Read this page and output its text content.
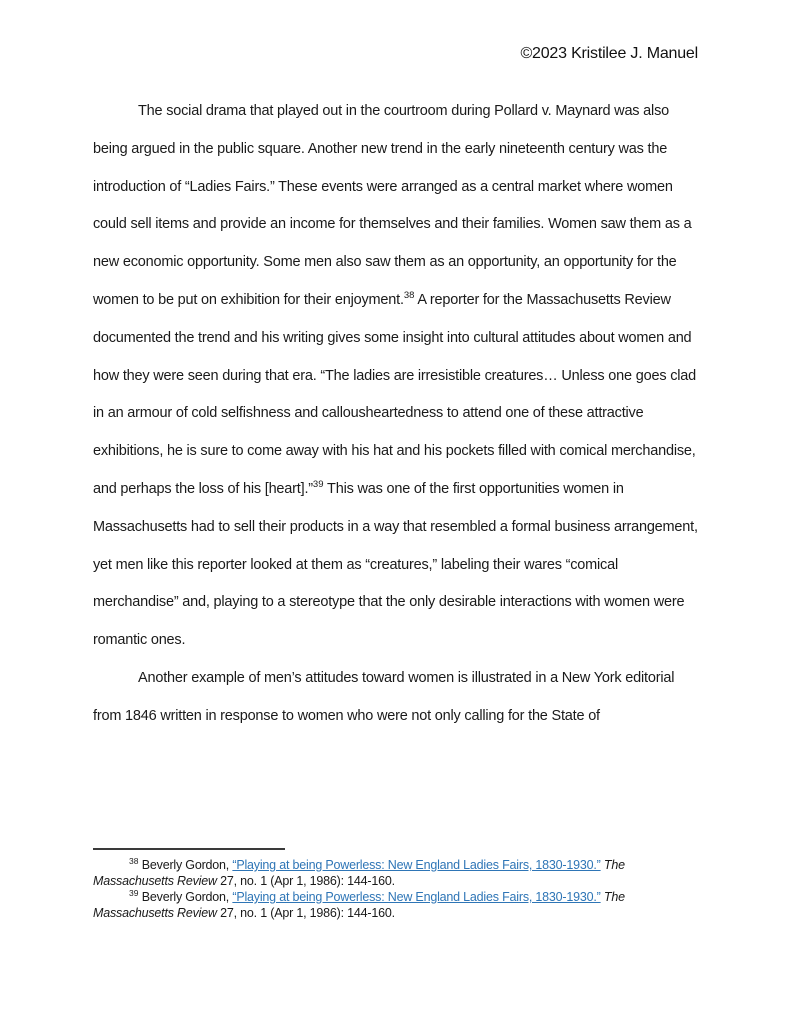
©2023 Kristilee J. Manuel

The social drama that played out in the courtroom during Pollard v. Maynard was also being argued in the public square. Another new trend in the early nineteenth century was the introduction of “Ladies Fairs.” These events were arranged as a central market where women could sell items and provide an income for themselves and their families. Women saw them as a new economic opportunity. Some men also saw them as an opportunity, an opportunity for the women to be put on exhibition for their enjoyment.$^{38}$ A reporter for the Massachusetts Review documented the trend and his writing gives some insight into cultural attitudes about women and how they were seen during that era. “The ladies are irresistible creatures… Unless one goes clad in an armour of cold selfishness and callousheartedness to attend one of these attractive exhibitions, he is sure to come away with his hat and his pockets filled with comical merchandise, and perhaps the loss of his [heart].”$^{39}$ This was one of the first opportunities women in Massachusetts had to sell their products in a way that resembled a formal business arrangement, yet men like this reporter looked at them as “creatures,” labeling their wares “comical merchandise” and, playing to a stereotype that the only desirable interactions with women were romantic ones.

Another example of men’s attitudes toward women is illustrated in a New York editorial from 1846 written in response to women who were not only calling for the State of

$^{38}$ Beverly Gordon, “Playing at being Powerless: New England Ladies Fairs, 1830-1930.” The Massachusetts Review 27, no. 1 (Apr 1, 1986): 144-160.

$^{39}$ Beverly Gordon, “Playing at being Powerless: New England Ladies Fairs, 1830-1930.” The Massachusetts Review 27, no. 1 (Apr 1, 1986): 144-160.
